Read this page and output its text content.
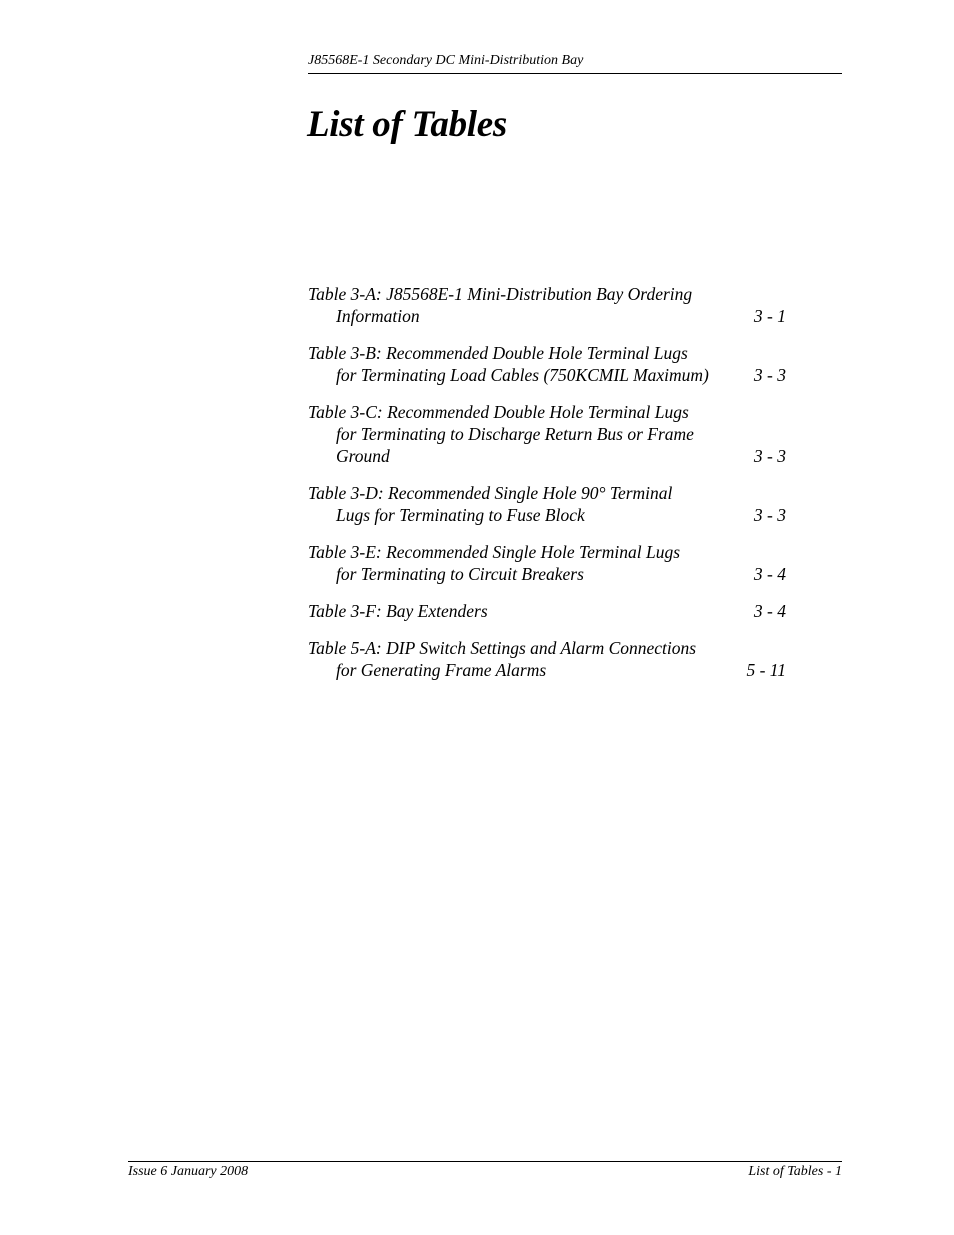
J85568E-1 Secondary DC Mini-Distribution Bay
List of Tables
Table 3-A: J85568E-1 Mini-Distribution Bay Ordering
Information	3 - 1
Table 3-B: Recommended Double Hole Terminal Lugs
for Terminating Load Cables (750KCMIL Maximum)	3 - 3
Table 3-C: Recommended Double Hole Terminal Lugs
for Terminating to Discharge Return Bus or Frame
Ground	3 - 3
Table 3-D: Recommended Single Hole 90° Terminal
Lugs for Terminating to Fuse Block	3 - 3
Table 3-E: Recommended Single Hole Terminal Lugs
for Terminating to Circuit Breakers	3 - 4
Table 3-F: Bay Extenders	3 - 4
Table 5-A: DIP Switch Settings and Alarm Connections
for Generating Frame Alarms	5 - 11
Issue 6 January 2008	List of Tables - 1
